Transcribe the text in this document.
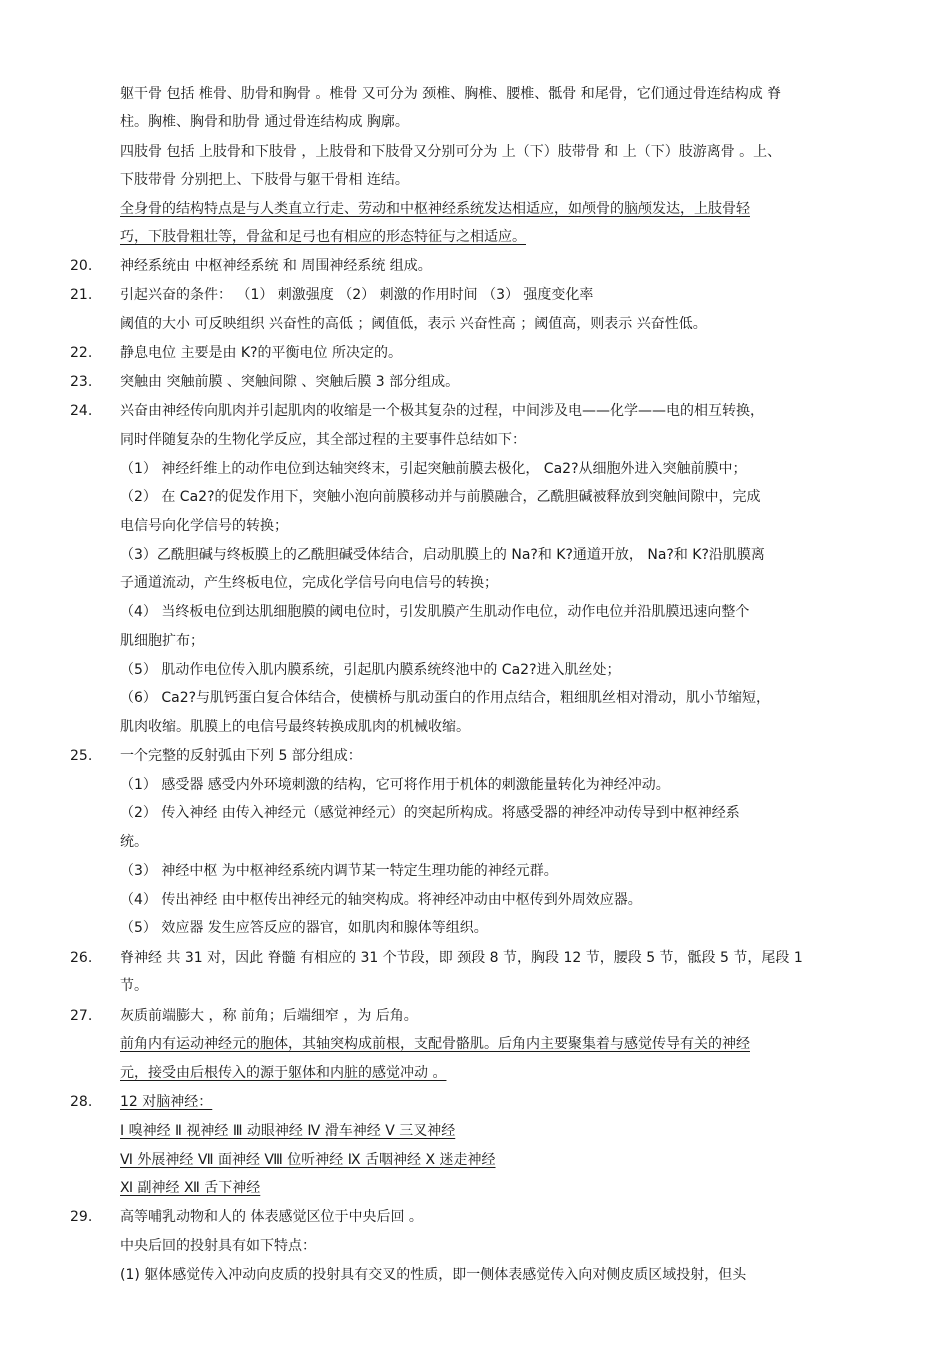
躯干骨 包括 椎骨、肋骨和胸骨 。椎骨 又可分为 颈椎、胸椎、腰椎、骶骨 和尾骨，它们通过骨连结构成 脊
柱。胸椎、胸骨和肋骨 通过骨连结构成 胸廓。
四肢骨 包括 上肢骨和下肢骨 ，上肢骨和下肢骨又分别可分为 上（下）肢带骨 和 上（下）肢游离骨 。上、
下肢带骨 分别把上、下肢骨与躯干骨相 连结。
全身骨的结构特点是与人类直立行走、劳动和中枢神经系统发达相适应，如颅骨的脑颅发达，上肢骨轻
巧，下肢骨粗壮等，骨盆和足弓也有相应的形态特征与之相适应。
20. 神经系统由 中枢神经系统 和 周围神经系统 组成。
21. 引起兴奋的条件： （1） 刺激强度 （2） 刺激的作用时间 （3） 强度变化率
阈值的大小 可反映组织 兴奋性的高低 ；阈值低，表示 兴奋性高 ；阈值高，则表示 兴奋性低。
22. 静息电位 主要是由 K?的平衡电位 所决定的。
23. 突触由 突触前膜 、突触间隙 、突触后膜 3 部分组成。
24. 兴奋由神经传向肌肉并引起肌肉的收缩是一个极其复杂的过程，中间涉及电——化学——电的相互转换，
同时伴随复杂的生物化学反应，其全部过程的主要事件总结如下：
（1） 神经纤维上的动作电位到达轴突终末，引起突触前膜去极化， Ca2?从细胞外进入突触前膜中；
（2） 在 Ca2?的促发作用下，突触小泡向前膜移动并与前膜融合，乙酰胆碱被释放到突触间隙中，完成
电信号向化学信号的转换；
（3）乙酰胆碱与终板膜上的乙酰胆碱受体结合，启动肌膜上的 Na?和 K?通道开放， Na?和 K?沿肌膜离
子通道流动，产生终板电位，完成化学信号向电信号的转换；
（4） 当终板电位到达肌细胞膜的阈电位时，引发肌膜产生肌动作电位，动作电位并沿肌膜迅速向整个
肌细胞扩布；
（5） 肌动作电位传入肌内膜系统，引起肌内膜系统终池中的 Ca2?进入肌丝处；
（6） Ca2?与肌钙蛋白复合体结合，使横桥与肌动蛋白的作用点结合，粗细肌丝相对滑动，肌小节缩短，
肌肉收缩。肌膜上的电信号最终转换成肌肉的机械收缩。
25. 一个完整的反射弧由下列 5 部分组成：
（1） 感受器 感受内外环境刺激的结构，它可将作用于机体的刺激能量转化为神经冲动。
（2） 传入神经 由传入神经元（感觉神经元）的突起所构成。将感受器的神经冲动传导到中枢神经系
统。
（3） 神经中枢 为中枢神经系统内调节某一特定生理功能的神经元群。
（4） 传出神经 由中枢传出神经元的轴突构成。将神经冲动由中枢传到外周效应器。
（5） 效应器 发生应答反应的器官，如肌肉和腺体等组织。
26. 脊神经 共 31 对，因此 脊髓 有相应的 31 个节段，即 颈段 8 节，胸段 12 节，腰段 5 节，骶段 5 节，尾段 1
节。
27. 灰质前端膨大 ，称 前角；后端细窄 ，为 后角。
前角内有运动神经元的胞体，其轴突构成前根，支配骨骼肌。后角内主要聚集着与感觉传导有关的神经
元，接受由后根传入的源于躯体和内脏的感觉冲动 。
28. 12 对脑神经：
Ⅰ 嗅神经 Ⅱ 视神经 Ⅲ 动眼神经 Ⅳ 滑车神经 Ⅴ 三叉神经
Ⅵ 外展神经 Ⅶ 面神经 Ⅷ 位听神经 Ⅸ 舌咽神经 Ⅹ 迷走神经
Ⅺ 副神经 Ⅻ 舌下神经
29. 高等哺乳动物和人的 体表感觉区位于中央后回 。
中央后回的投射具有如下特点：
(1) 躯体感觉传入冲动向皮质的投射具有交叉的性质，即一侧体表感觉传入向对侧皮质区域投射，但头
